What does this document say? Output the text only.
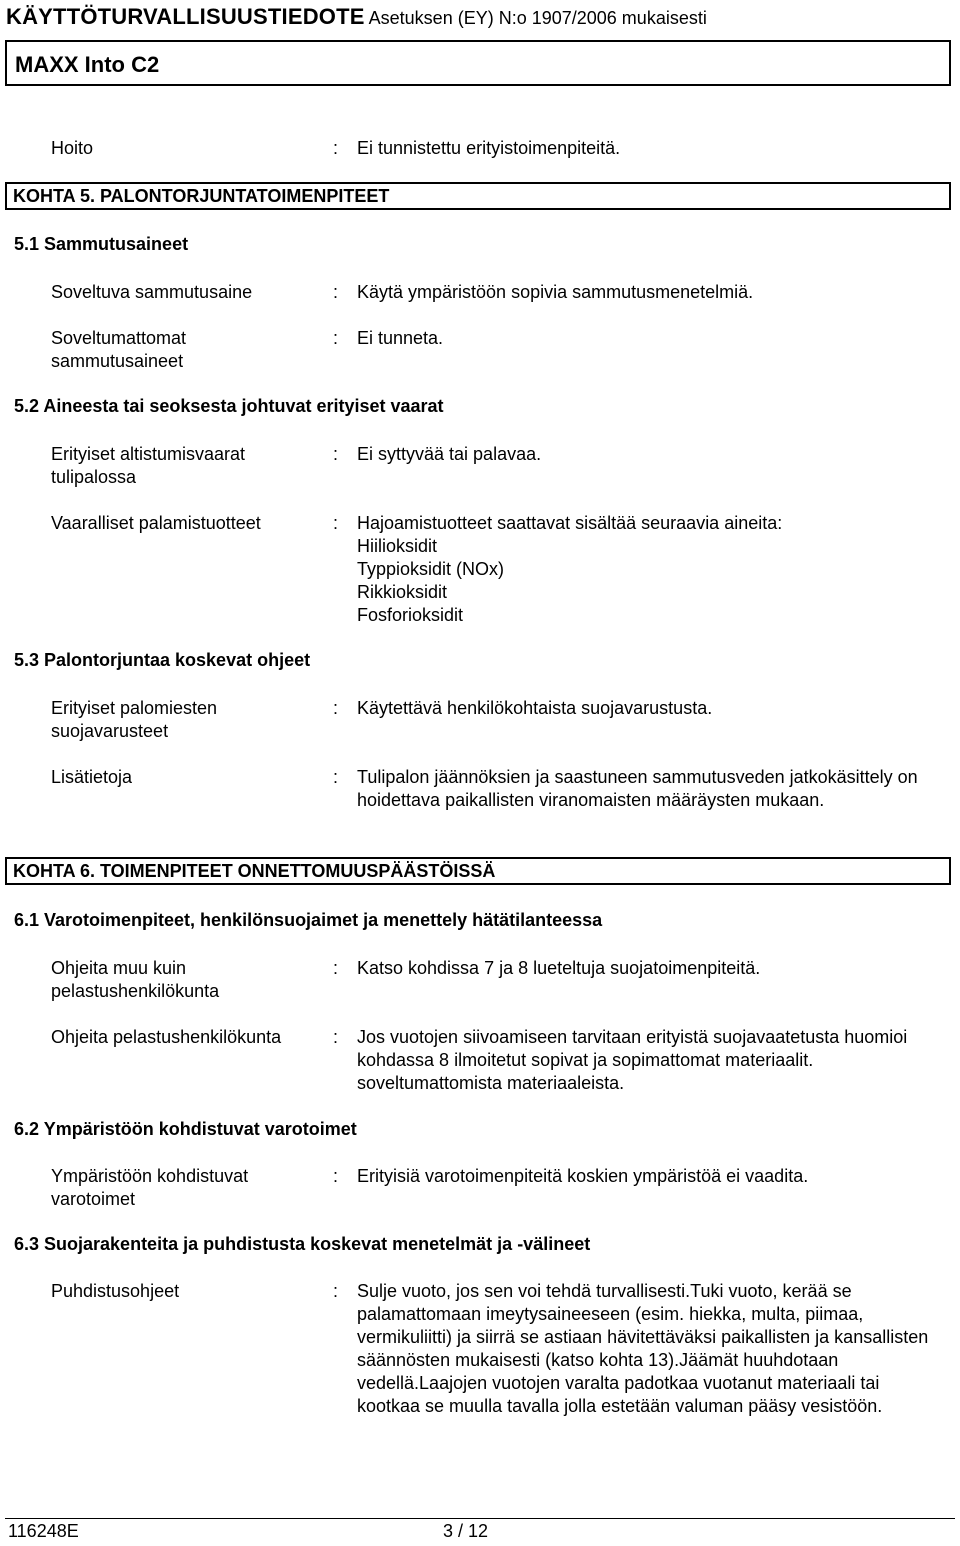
KÄYTTÖTURVALLISUUSTIEDOTE Asetuksen (EY) N:o 1907/2006 mukaisesti
MAXX Into C2
Hoito	: Ei tunnistettu erityistoimenpiteitä.
KOHTA 5. PALONTORJUNTATOIMENPITEET
5.1 Sammutusaineet
Soveltuva sammutusaine	: Käytä ympäristöön sopivia sammutusmenetelmiä.
Soveltumattomat sammutusaineet
: Ei tunneta.
5.2 Aineesta tai seoksesta johtuvat erityiset vaarat
Erityiset altistumisvaarat tulipalossa
: Ei syttyvää tai palavaa.
Vaaralliset palamistuotteet	: Hajoamistuotteet saattavat sisältää seuraavia aineita:
Hiilioksidit
Typpioksidit (NOx)
Rikkioksidit
Fosforioksidit
5.3 Palontorjuntaa koskevat ohjeet
Erityiset palomiesten suojavarusteet
: Käytettävä henkilökohtaista suojavarustusta.
Lisätietoja	: Tulipalon jäännöksien ja saastuneen sammutusveden jatkokäsittely on hoidettava paikallisten viranomaisten määräysten mukaan.
KOHTA 6. TOIMENPITEET ONNETTOMUUSPÄÄSTÖISSÄ
6.1 Varotoimenpiteet, henkilönsuojaimet ja menettely hätätilanteessa
Ohjeita muu kuin pelastushenkilökunta
: Katso kohdissa 7 ja 8 lueteltuja suojatoimenpiteitä.
Ohjeita pelastushenkilökunta	: Jos vuotojen siivoamiseen tarvitaan erityistä suojavaatetusta huomioi kohdassa 8 ilmoitetut sopivat ja sopimattomat materiaalit. soveltumattomista materiaaleista.
6.2 Ympäristöön kohdistuvat varotoimet
Ympäristöön kohdistuvat varotoimet
: Erityisiä varotoimenpiteitä koskien ympäristöä ei vaadita.
6.3 Suojarakenteita ja puhdistusta koskevat menetelmät ja -välineet
Puhdistusohjeet	: Sulje vuoto, jos sen voi tehdä turvallisesti.Tuki vuoto, kerää se palamattomaan imeytysaineeseen (esim. hiekka, multa, piimaa, vermikuliitti) ja siirrä se astiaan hävitettäväksi paikallisten ja kansallisten säännösten mukaisesti (katso kohta 13).Jäämät huuhdotaan vedellä.Laajojen vuotojen varalta padotkaa vuotanut materiaali tai kootkaa se muulla tavalla jolla estetään valuman pääsy vesistöön.
116248E	3 / 12
